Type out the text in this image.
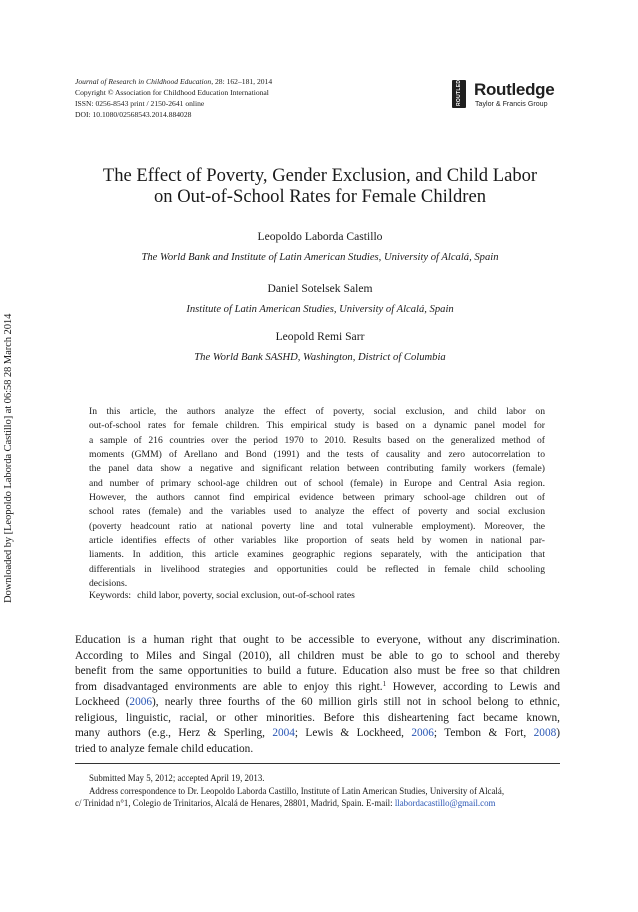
Downloaded by [Leopoldo Laborda Castillo] at 06:58 28 March 2014
Journal of Research in Childhood Education, 28: 162–181, 2014
Copyright © Association for Childhood Education International
ISSN: 0256-8543 print / 2150-2641 online
DOI: 10.1080/02568543.2014.884028
ROUTLEDGE Routledge
Taylor & Francis Group
The Effect of Poverty, Gender Exclusion, and Child Labor
on Out-of-School Rates for Female Children
Leopoldo Laborda Castillo
The World Bank and Institute of Latin American Studies, University of Alcalá, Spain
Daniel Sotelsek Salem
Institute of Latin American Studies, University of Alcalá, Spain
Leopold Remi Sarr
The World Bank SASHD, Washington, District of Columbia
In this article, the authors analyze the effect of poverty, social exclusion, and child labor on
out-of-school rates for female children. This empirical study is based on a dynamic panel model for
a sample of 216 countries over the period 1970 to 2010. Results based on the generalized method of
moments (GMM) of Arellano and Bond (1991) and the tests of causality and zero autocorrelation to
the panel data show a negative and significant relation between contributing family workers (female)
and number of primary school-age children out of school (female) in Europe and Central Asia region.
However, the authors cannot find empirical evidence between primary school-age children out of
school rates (female) and the variables used to analyze the effect of poverty and social exclusion
(poverty headcount ratio at national poverty line and total vulnerable employment). Moreover, the
article identifies effects of other variables like proportion of seats held by women in national par-
liaments. In addition, this article examines geographic regions separately, with the anticipation that
differentials in livelihood strategies and opportunities could be reflected in female child schooling
decisions.
Keywords: child labor, poverty, social exclusion, out-of-school rates
Education is a human right that ought to be accessible to everyone, without any discrimination.
According to Miles and Singal (2010), all children must be able to go to school and thereby
benefit from the same opportunities to build a future. Education also must be free so that children
from disadvantaged environments are able to enjoy this right.$^1$ However, according to Lewis and
Lockheed (2006), nearly three fourths of the 60 million girls still not in school belong to ethnic,
religious, linguistic, racial, or other minorities. Before this disheartening fact became known,
many authors (e.g., Herz & Sperling, 2004; Lewis & Lockheed, 2006; Tembon & Fort, 2008)
tried to analyze female child education.
Submitted May 5, 2012; accepted April 19, 2013.
Address correspondence to Dr. Leopoldo Laborda Castillo, Institute of Latin American Studies, University of Alcalá,
c/ Trinidad n°1, Colegio de Trinitarios, Alcalá de Henares, 28801, Madrid, Spain. E-mail: llabordacastillo@gmail.com
